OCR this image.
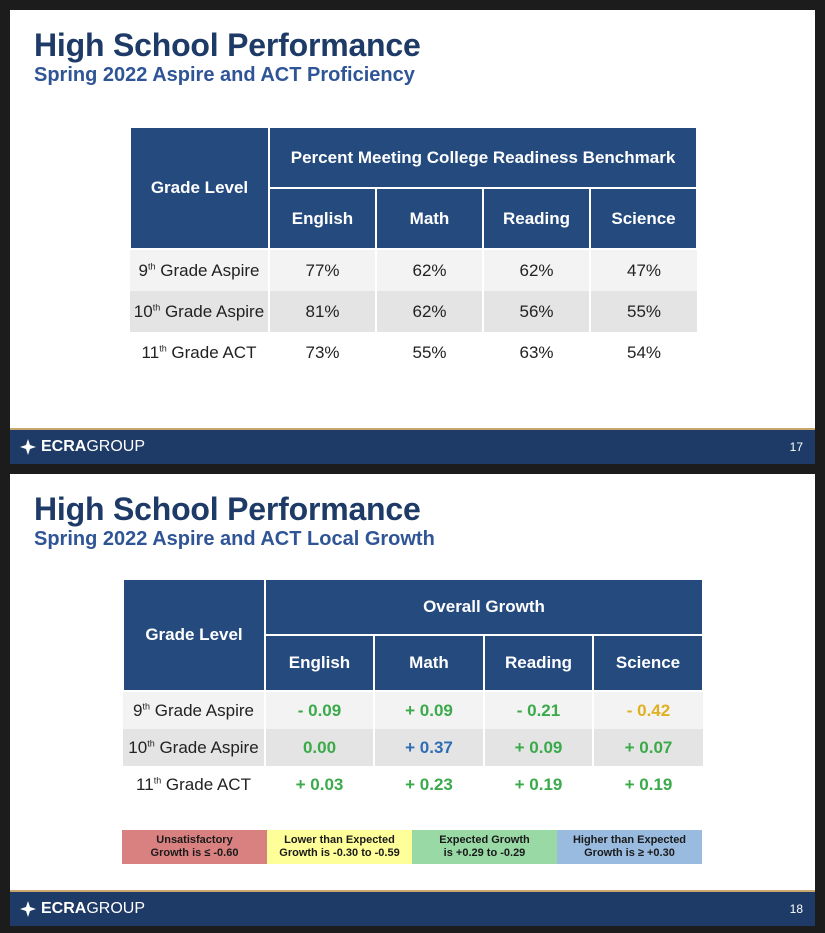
High School Performance
Spring 2022 Aspire and ACT Proficiency
Grade Level	Percent Meeting College Readiness Benchmark			
	English	Math	Reading	Science
9th Grade Aspire	77%	62%	62%	47%
10th Grade Aspire	81%	62%	56%	55%
11th Grade ACT	73%	55%	63%	54%
ECRA GROUP	17
High School Performance
Spring 2022 Aspire and ACT Local Growth
Grade Level	Overall Growth			
	English	Math	Reading	Science
9th Grade Aspire	- 0.09	+ 0.09	- 0.21	- 0.42
10th Grade Aspire	0.00	+ 0.37	+ 0.09	+ 0.07
11th Grade ACT	+ 0.03	+ 0.23	+ 0.19	+ 0.19
Unsatisfactory
Growth is ≤ -0.60
Lower than Expected
Growth is -0.30 to -0.59
Expected Growth
is +0.29 to -0.29
Higher than Expected
Growth is ≥ +0.30
ECRA GROUP	18
